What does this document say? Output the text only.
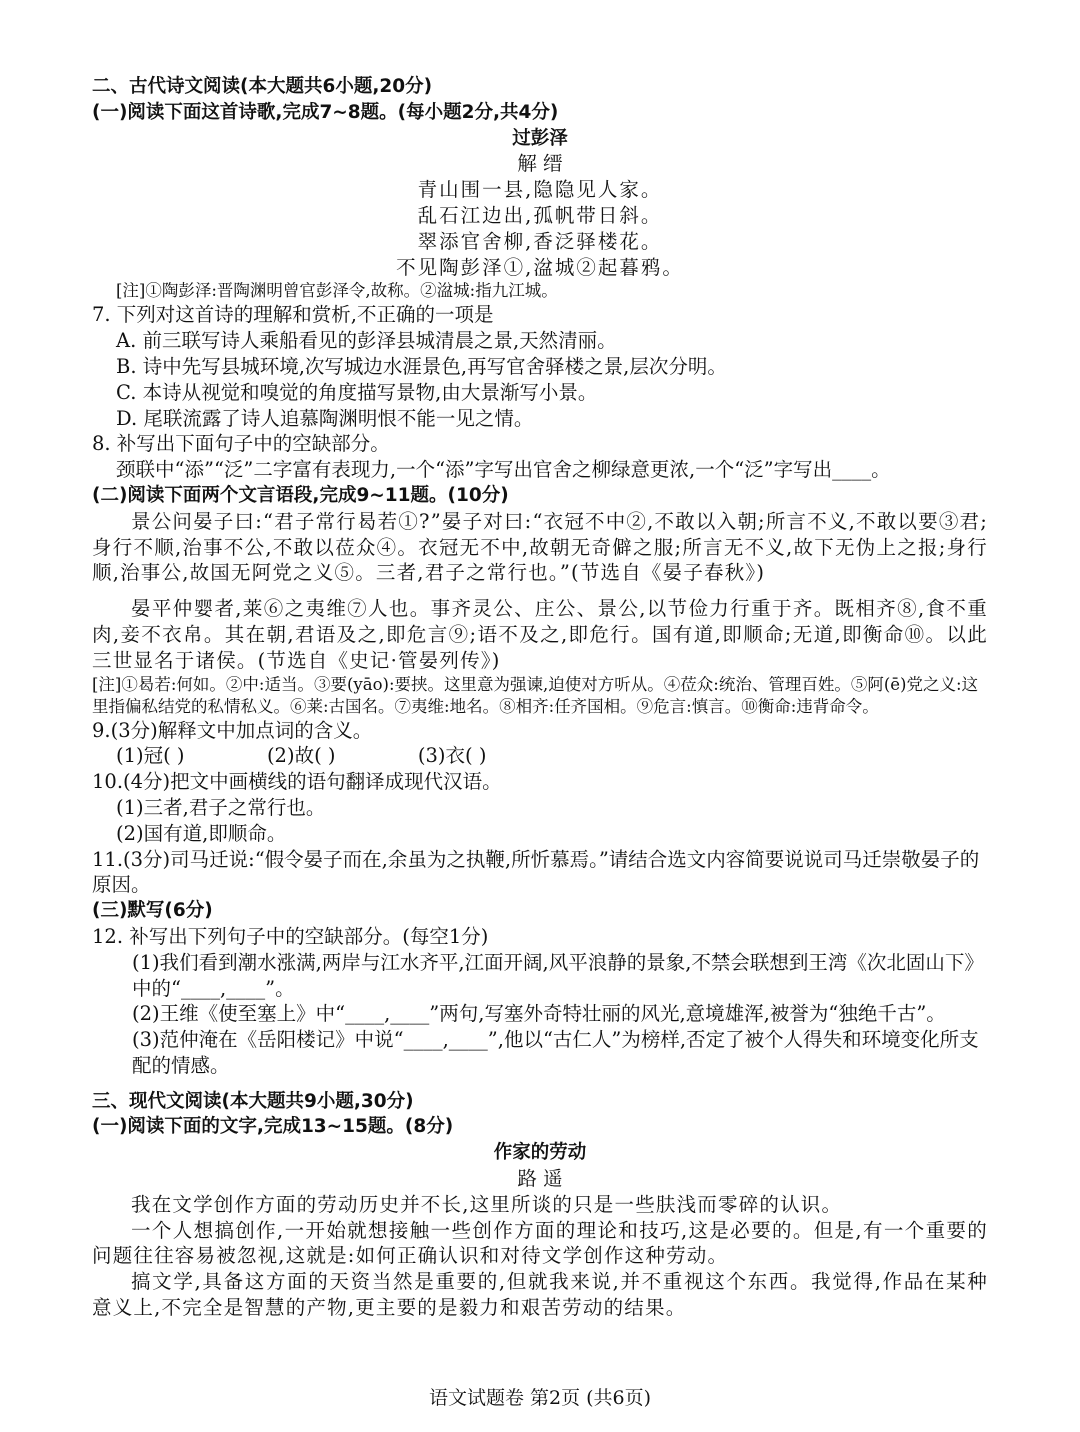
二、古代诗文阅读(本大题共6小题,20分)
(一)阅读下面这首诗歌,完成7~8题。(每小题2分,共4分)
过彭泽
解 缙
青山围一县,隐隐见人家。
乱石江边出,孤帆带日斜。
翠添官舍柳,香泛驿楼花。
不见陶彭泽①,湓城②起暮鸦。
[注]①陶彭泽:晋陶渊明曾官彭泽令,故称。②湓城:指九江城。
7. 下列对这首诗的理解和赏析,不正确的一项是
A. 前三联写诗人乘船看见的彭泽县城清晨之景,天然清丽。
B. 诗中先写县城环境,次写城边水涯景色,再写官舍驿楼之景,层次分明。
C. 本诗从视觉和嗅觉的角度描写景物,由大景渐写小景。
D. 尾联流露了诗人追慕陶渊明恨不能一见之情。
8. 补写出下面句子中的空缺部分。
颈联中“添”“泛”二字富有表现力,一个“添”字写出官舍之柳绿意更浓,一个“泛”字写出____。
(二)阅读下面两个文言语段,完成9~11题。(10分)
景公问晏子曰:“君子常行曷若①?”晏子对曰:“衣冠不中②,不敢以入朝;所言不义,不敢以要③君;身行不顺,治事不公,不敢以莅众④。衣冠无不中,故朝无奇僻之服;所言无不义,故下无伪上之报;身行顺,治事公,故国无阿党之义⑤。三者,君子之常行也。”(节选自《晏子春秋》)
晏平仲婴者,莱⑥之夷维⑦人也。事齐灵公、庄公、景公,以节俭力行重于齐。既相齐⑧,食不重肉,妾不衣帛。其在朝,君语及之,即危言⑨;语不及之,即危行。国有道,即顺命;无道,即衡命⑩。以此三世显名于诸侯。(节选自《史记·管晏列传》)
[注]①曷若:何如。②中:适当。③要(yāo):要挟。这里意为强谏,迫使对方听从。④莅众:统治、管理百姓。⑤阿(ē)党之义:这里指偏私结党的私情私义。⑥莱:古国名。⑦夷维:地名。⑧相齐:任齐国相。⑨危言:慎言。⑩衡命:违背命令。
9.(3分)解释文中加点词的含义。
(1)冠( )	(2)故( )	(3)衣( )
10.(4分)把文中画横线的语句翻译成现代汉语。
(1)三者,君子之常行也。
(2)国有道,即顺命。
11.(3分)司马迁说:“假令晏子而在,余虽为之执鞭,所忻慕焉。”请结合选文内容简要说说司马迁崇敬晏子的原因。
(三)默写(6分)
12. 补写出下列句子中的空缺部分。(每空1分)
(1)我们看到潮水涨满,两岸与江水齐平,江面开阔,风平浪静的景象,不禁会联想到王湾《次北固山下》中的“____,____”。
(2)王维《使至塞上》中“____,____”两句,写塞外奇特壮丽的风光,意境雄浑,被誉为“独绝千古”。
(3)范仲淹在《岳阳楼记》中说“____,____”,他以“古仁人”为榜样,否定了被个人得失和环境变化所支配的情感。
三、现代文阅读(本大题共9小题,30分)
(一)阅读下面的文字,完成13~15题。(8分)
作家的劳动
路 遥
我在文学创作方面的劳动历史并不长,这里所谈的只是一些肤浅而零碎的认识。
一个人想搞创作,一开始就想接触一些创作方面的理论和技巧,这是必要的。但是,有一个重要的问题往往容易被忽视,这就是:如何正确认识和对待文学创作这种劳动。
搞文学,具备这方面的天资当然是重要的,但就我来说,并不重视这个东西。我觉得,作品在某种意义上,不完全是智慧的产物,更主要的是毅力和艰苦劳动的结果。
语文试题卷 第2页 (共6页)
